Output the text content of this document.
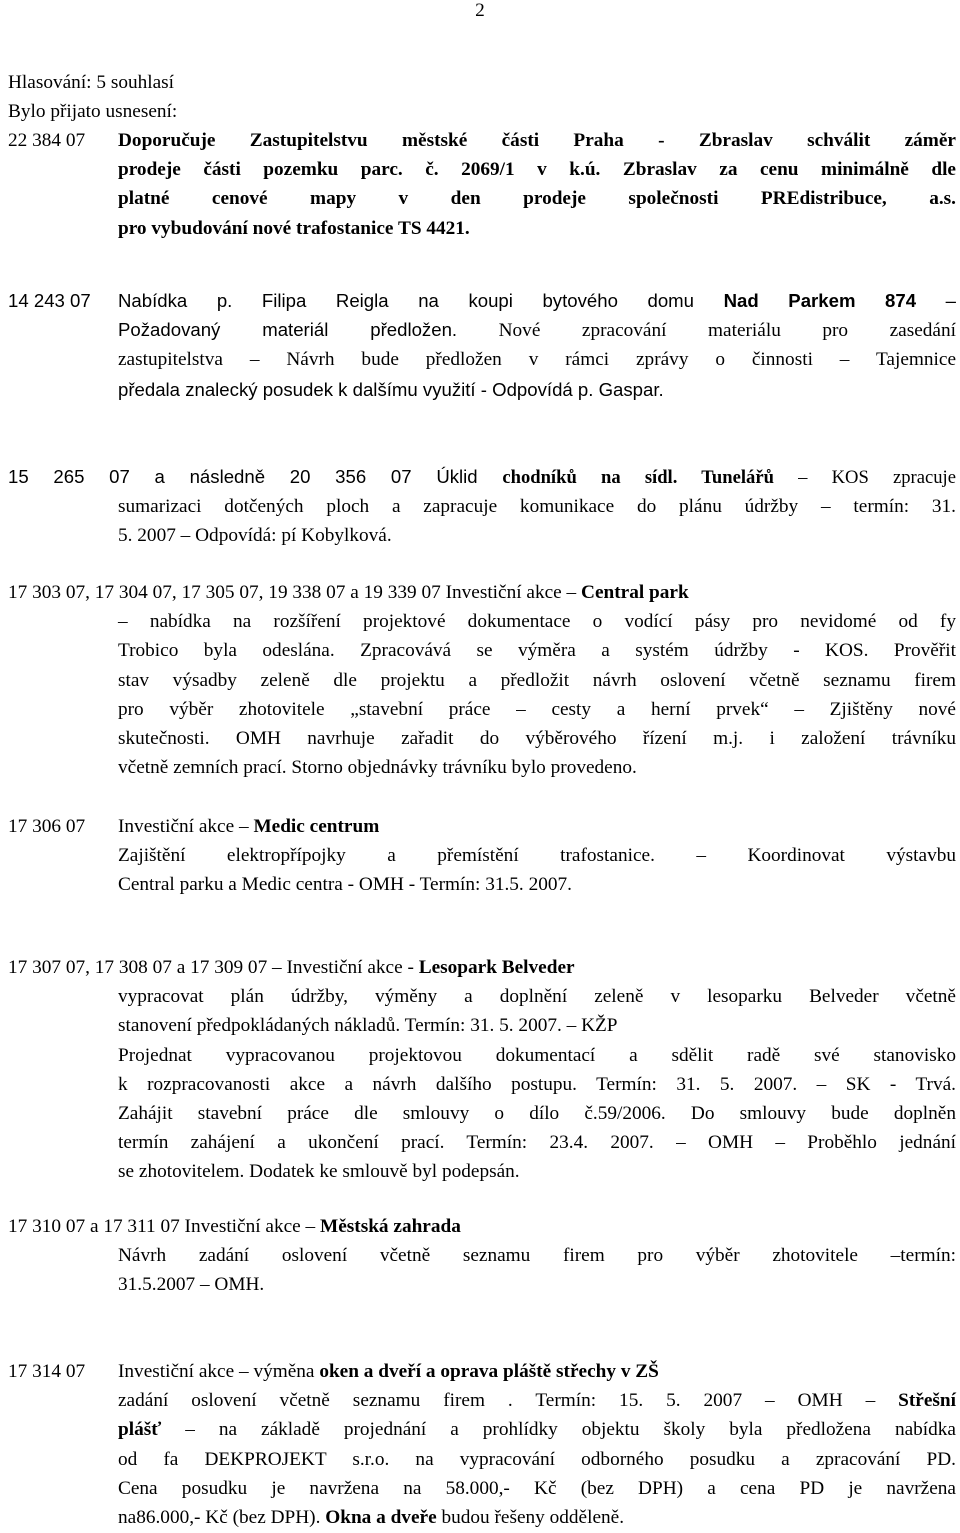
2
Hlasování: 5 souhlasí
Bylo přijato usnesení:
22 384 07	Doporučuje Zastupitelstvu městské části Praha - Zbraslav schválit záměr
prodeje části pozemku parc. č. 2069/1 v k.ú. Zbraslav za cenu minimálně dle
platné cenové mapy v den prodeje společnosti PREdistribuce, a.s.
pro vybudování nové trafostanice TS 4421.
14 243 07	Nabídka p. Filipa Reigla na koupi bytového domu Nad Parkem 874 –
Požadovaný materiál předložen. Nové zpracování materiálu pro zasedání
zastupitelstva – Návrh bude předložen v rámci zprávy o činnosti – Tajemnice
předala znalecký posudek k dalšímu využití - Odpovídá p. Gaspar.
15 265 07 a následně 20 356 07 Úklid chodníků na sídl. Tunelářů – KOS zpracuje
sumarizaci dotčených ploch a zapracuje komunikace do plánu údržby – termín: 31.
5. 2007 – Odpovídá: pí Kobylková.
17 303 07, 17 304 07, 17 305 07, 19 338 07 a 19 339 07 Investiční akce – Central park
– nabídka na rozšíření projektové dokumentace o vodící pásy pro nevidomé od fy
Trobico byla odeslána. Zpracovává se výměra a systém údržby - KOS. Prověřit
stav výsadby zeleně dle projektu a předložit návrh oslovení včetně seznamu firem
pro výběr zhotovitele „stavební práce – cesty a herní prvek“ – Zjištěny nové
skutečnosti. OMH navrhuje zařadit do výběrového řízení m.j. i založení trávníku
včetně zemních prací. Storno objednávky trávníku bylo provedeno.
17 306 07	Investiční akce – Medic centrum
Zajištění elektropřípojky a přemístění trafostanice. – Koordinovat výstavbu
Central parku a Medic centra - OMH - Termín: 31.5. 2007.
17 307 07, 17 308 07 a 17 309 07 – Investiční akce - Lesopark Belveder
vypracovat plán údržby, výměny a doplnění zeleně v lesoparku Belveder včetně
stanovení předpokládaných nákladů. Termín: 31. 5. 2007. – KŽP
Projednat vypracovanou projektovou dokumentací a sdělit radě své stanovisko
k rozpracovanosti akce a návrh dalšího postupu. Termín: 31. 5. 2007. – SK - Trvá.
Zahájit stavební práce dle smlouvy o dílo č.59/2006. Do smlouvy bude doplněn
termín zahájení a ukončení prací. Termín: 23.4. 2007. – OMH – Proběhlo jednání
se zhotovitelem. Dodatek ke smlouvě byl podepsán.
17 310 07 a 17 311 07 Investiční akce – Městská zahrada
Návrh zadání oslovení včetně seznamu firem pro výběr zhotovitele –termín:
31.5.2007 – OMH.
17 314 07	Investiční akce – výměna oken a dveří a oprava pláště střechy v ZŠ
zadání oslovení včetně seznamu firem . Termín: 15. 5. 2007 – OMH – Střešní
plášť – na základě projednání a prohlídky objektu školy byla předložena nabídka
od fa DEKPROJEKT s.r.o. na vypracování odborného posudku a zpracování PD.
Cena posudku je navržena na 58.000,- Kč (bez DPH) a cena PD je navržena
na86.000,- Kč (bez DPH). Okna a dveře budou řešeny odděleně.
